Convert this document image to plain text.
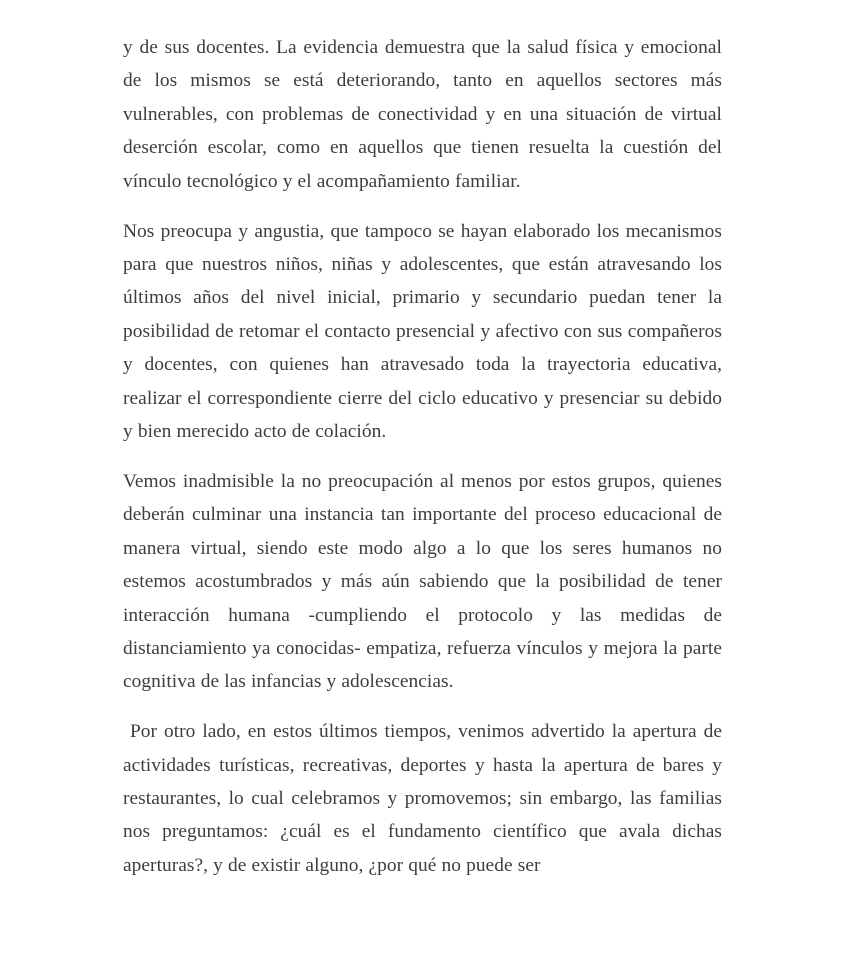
y de sus docentes. La evidencia demuestra que la salud física y emocional de los mismos se está deteriorando, tanto en aquellos sectores más vulnerables, con problemas de conectividad y en una situación de virtual deserción escolar, como en aquellos que tienen resuelta la cuestión del vínculo tecnológico y el acompañamiento familiar.

Nos preocupa y angustia, que tampoco se hayan elaborado los mecanismos para que nuestros niños, niñas y adolescentes, que están atravesando los últimos años del nivel inicial, primario y secundario puedan tener la posibilidad de retomar el contacto presencial y afectivo con sus compañeros y docentes, con quienes han atravesado toda la trayectoria educativa, realizar el correspondiente cierre del ciclo educativo y presenciar su debido y bien merecido acto de colación.

Vemos inadmisible la no preocupación al menos por estos grupos, quienes deberán culminar una instancia tan importante del proceso educacional de manera virtual, siendo este modo algo a lo que los seres humanos no estemos acostumbrados y más aún sabiendo que la posibilidad de tener interacción humana -cumpliendo el protocolo y las medidas de distanciamiento ya conocidas- empatiza, refuerza vínculos y mejora la parte cognitiva de las infancias y adolescencias.

Por otro lado, en estos últimos tiempos, venimos advertido la apertura de actividades turísticas, recreativas, deportes y hasta la apertura de bares y restaurantes, lo cual celebramos y promovemos; sin embargo, las familias nos preguntamos: ¿cuál es el fundamento científico que avala dichas aperturas?, y de existir alguno, ¿por qué no puede ser
